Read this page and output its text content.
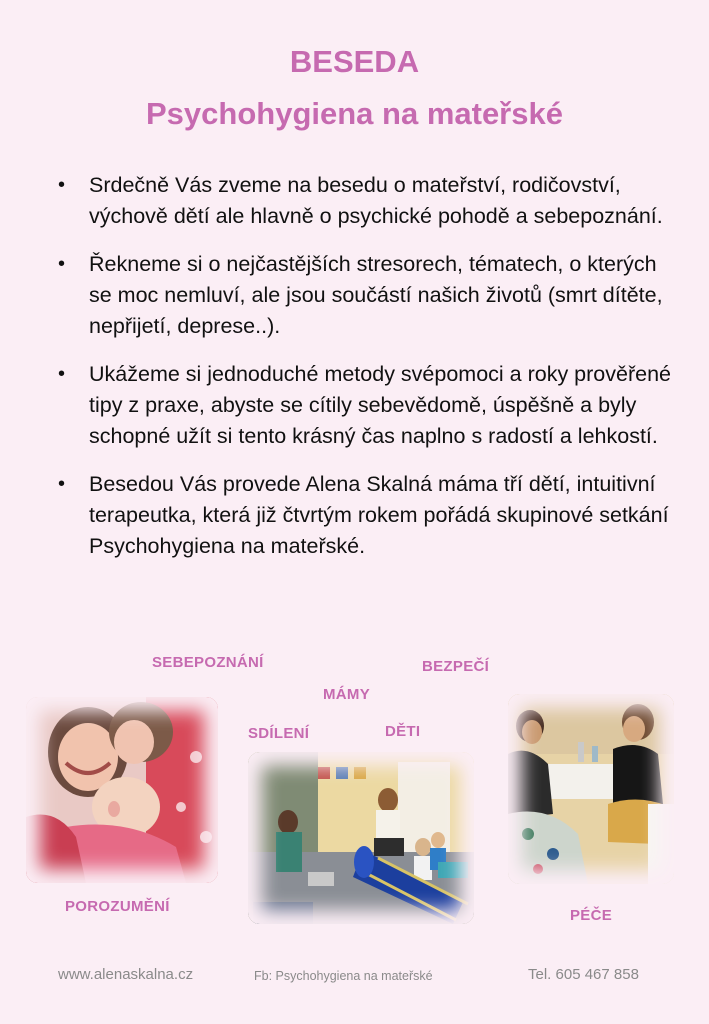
BESEDA
Psychohygiena na mateřské
• Srdečně Vás zveme na besedu o mateřství, rodičovství, výchově dětí ale hlavně o psychické pohodě a sebepoznání.
• Řekneme si o nejčastějších stresorech, tématech, o kterých se moc nemluví, ale jsou součástí našich životů (smrt dítěte, nepřijetí, deprese..).
• Ukážeme si jednoduché metody svépomoci a roky prověřené tipy z praxe, abyste se cítily sebevědomě, úspěšně a byly schopné užít si tento krásný čas naplno s radostí a lehkostí.
• Besedou Vás provede Alena Skalná máma tří dětí, intuitivní terapeutka, která již čtvrtým rokem pořádá skupinové setkání Psychohygiena na mateřské.
SEBEPOZNÁNÍ	BEZPEČÍ
MÁMY
SDÍLENÍ	DĚTI
POROZUMĚNÍ
PÉČE
www.alenaskalna.cz	Fb: Psychohygiena na mateřské	Tel. 605 467 858
